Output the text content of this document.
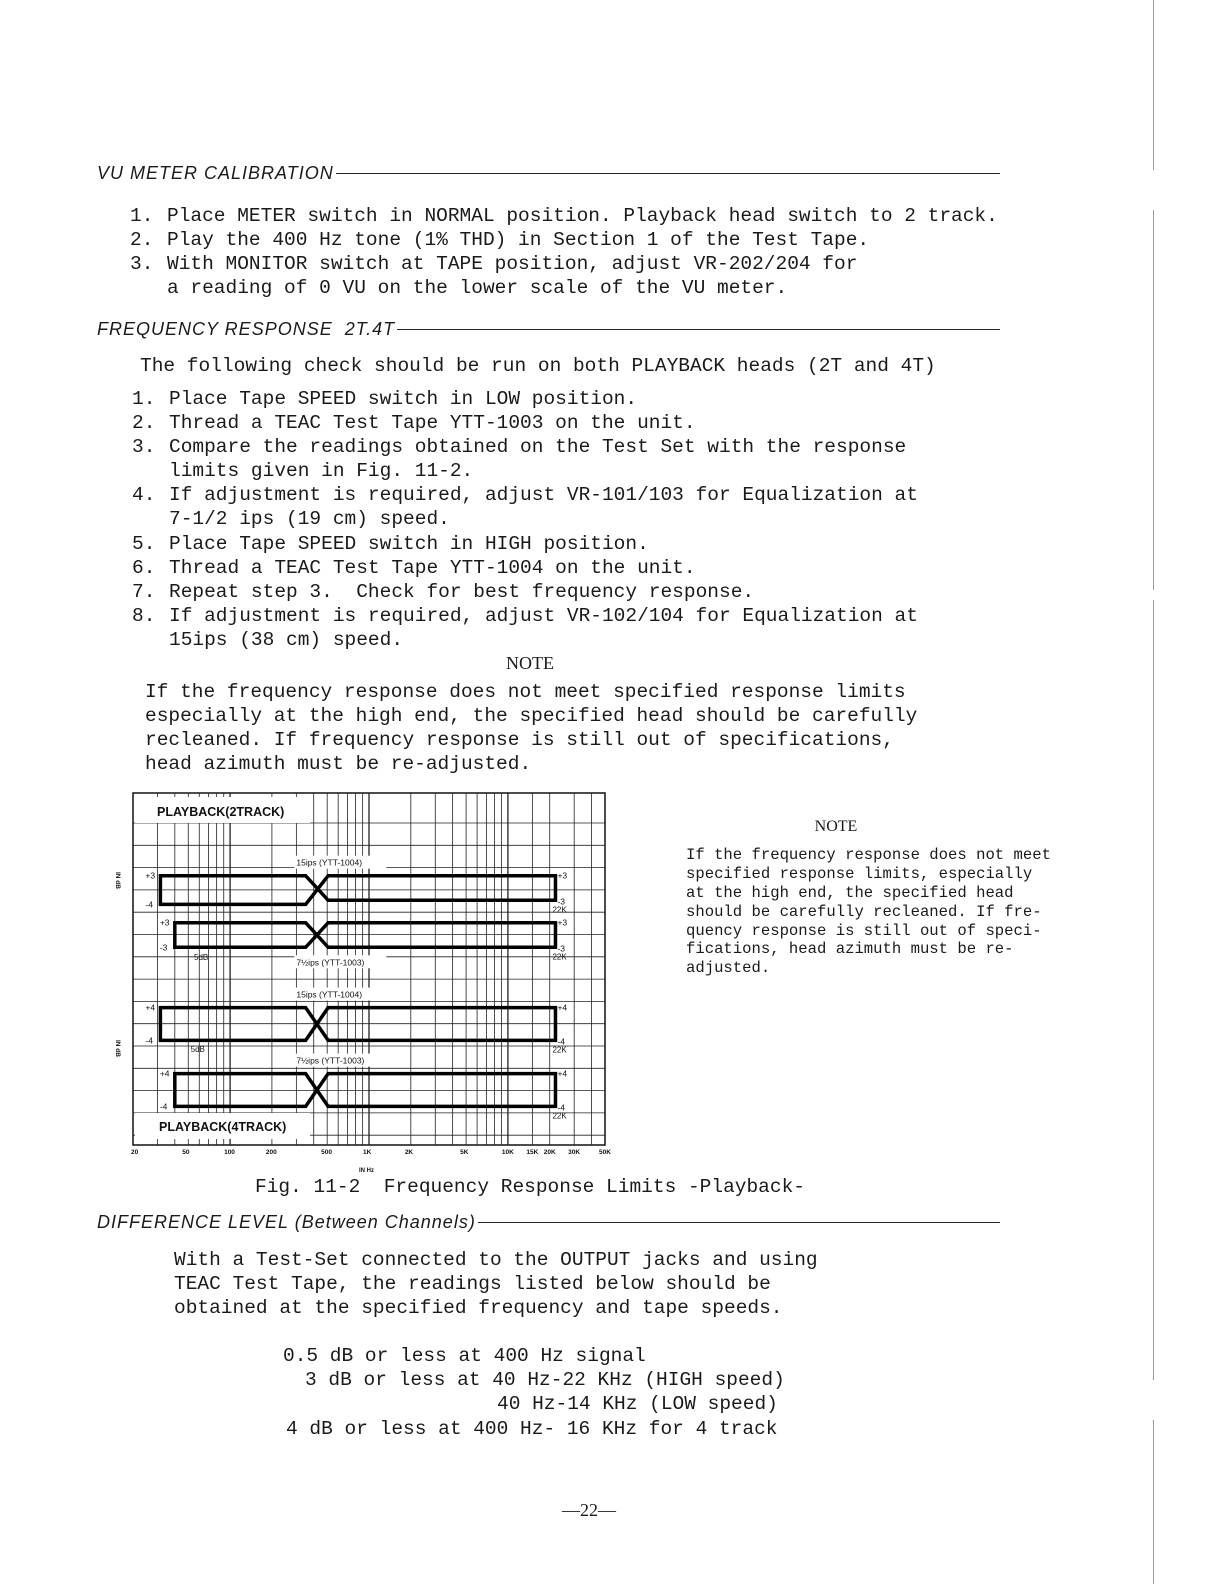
VU METER CALIBRATION
1. Place METER switch in NORMAL position. Playback head switch to 2 track.
2. Play the 400 Hz tone (1% THD) in Section 1 of the Test Tape.
3. With MONITOR switch at TAPE position, adjust VR-202/204 for
a reading of 0 VU on the lower scale of the VU meter.
FREQUENCY RESPONSE  2T.4T
The following check should be run on both PLAYBACK heads (2T and 4T)
1. Place Tape SPEED switch in LOW position.
2. Thread a TEAC Test Tape YTT-1003 on the unit.
3. Compare the readings obtained on the Test Set with the response
limits given in Fig. 11-2.
4. If adjustment is required, adjust VR-101/103 for Equalization at
7-1/2 ips (19 cm) speed.
5. Place Tape SPEED switch in HIGH position.
6. Thread a TEAC Test Tape YTT-1004 on the unit.
7. Repeat step 3.  Check for best frequency response.
8. If adjustment is required, adjust VR-102/104 for Equalization at
15ips (38 cm) speed.
NOTE
If the frequency response does not meet specified response limits
especially at the high end, the specified head should be carefully
recleaned. If frequency response is still out of specifications,
head azimuth must be re-adjusted.
+3
-4
+3
-3
22K
15ips (YTT-1004)
+3
-3
+3
-3
22K
7½ips (YTT-1003)
+4
-4
+4
-4
22K
15ips (YTT-1004)
+4
-4
+4
-4
22K
7½ips (YTT-1003)
5dB
5dB
PLAYBACK(2TRACK)
PLAYBACK(4TRACK)
20	50	100	200	500	1K	2K	5K	10K 15K 20K 30K	50K
IN Hz
IN dB
IN dB
NOTE
If the frequency response does not meet
specified response limits, especially
at the high end, the specified head
should be carefully recleaned. If fre-
quency response is still out of speci-
fications, head azimuth must be re-
adjusted.
Fig. 11-2  Frequency Response Limits -Playback-
DIFFERENCE LEVEL (Between Channels)
With a Test-Set connected to the OUTPUT jacks and using
TEAC Test Tape, the readings listed below should be
obtained at the specified frequency and tape speeds.
0.5 dB or less at 400 Hz signal
3 dB or less at 40 Hz-22 KHz (HIGH speed)
40 Hz-14 KHz (LOW speed)
4 dB or less at 400 Hz- 16 KHz for 4 track
—22—
